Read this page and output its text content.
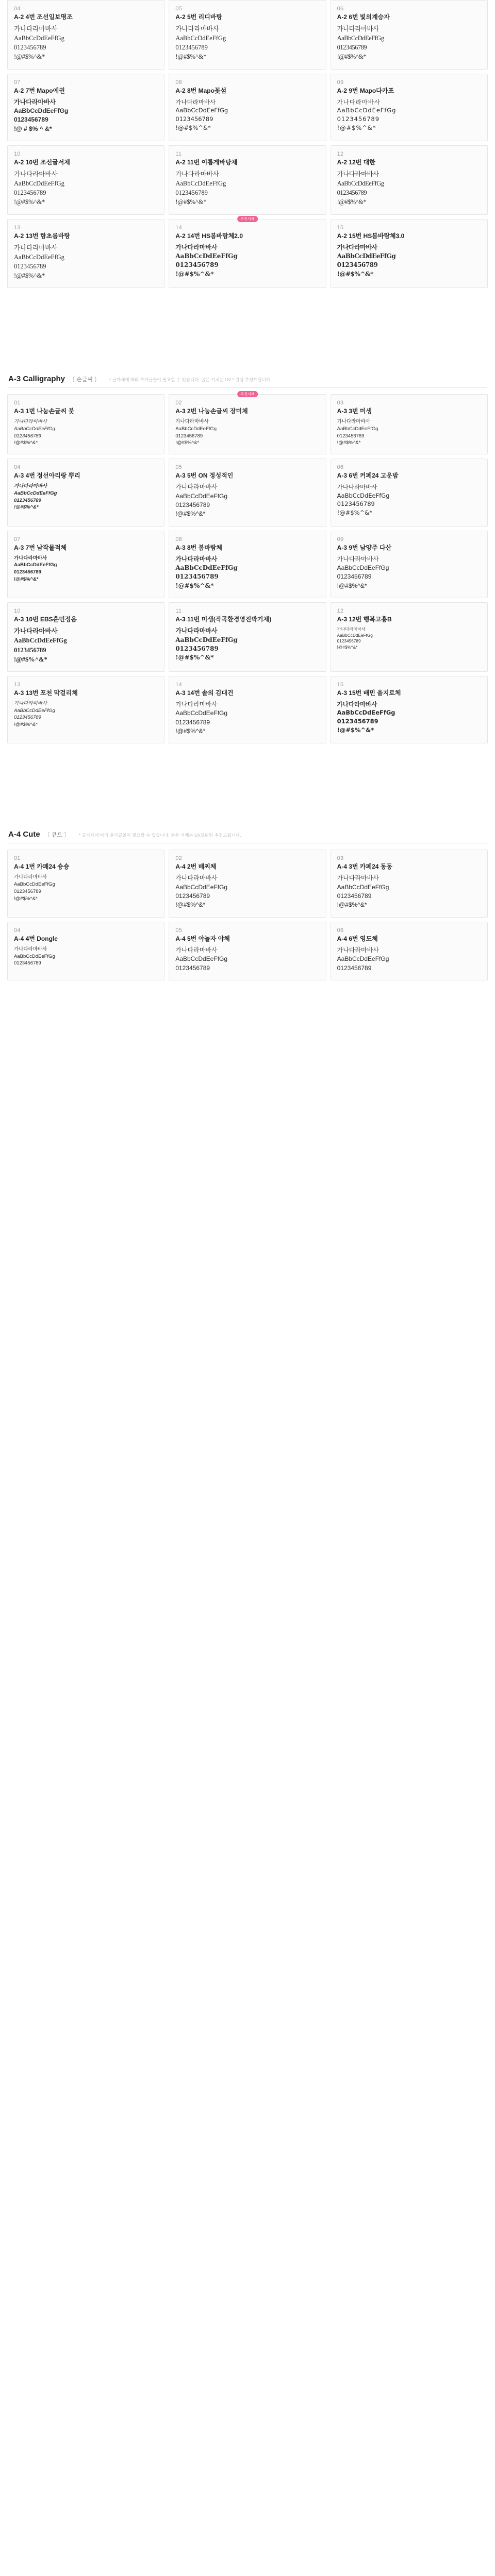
04
A-2 4번 조선일보명조
가나다라마바사
AaBbCcDdEeFfGg
0123456789
!@#$%^&*
05
A-2 5번 리디바탕
가나다라마바사
AaBbCcDdEeFfGg
0123456789
!@#$%^&*
06
A-2 6번 빛의계승자
가나다라마바사
AaBbCcDdEeFfGg
0123456789
!@#$%^&*
07
A-2 7번 Mapo에권
가나다라마바사
AaBbCcDdEeFfGg
0123456789
!@ # $% ^ &*
08
A-2 8번 Mapo꽃섬
가나다라마바사
AaBbCcDdEeFfGg
0123456789
!@#$%^&*
09
A-2 9번 Mapo다카포
가나다라마바사
AaBbCcDdEeFfGg
0123456789
!@#$%^&*
10
A-2 10번 조선굴서체
가나다라마바사
AaBbCcDdEeFfGg
0123456789
!@#$%^&*
11
A-2 11번 이롭게바탕체
가나다라마바사
AaBbCcDdEeFfGg
0123456789
!@#$%^&*
12
A-2 12번 대한
가나다라마바사
AaBbCcDdEeFfGg
0123456789
!@#$%^&*
13
A-2 13번 함초롬바탕
가나다라마바사
AaBbCcDdEeFfGg
0123456789
!@#$%^&*
추천서체
14
A-2 14번 HS봄바람체2.0
가나다라마바사
AaBbCcDdEeFfGg
0123456789
!@#$%^&*
15
A-2 15번 HS봄바람체3.0
가나다라마바사
AaBbCcDdEeFfGg
0123456789
!@#$%^&*
A-3 Calligraphy 〔 손글씨 〕 * 글자체에 따라 추가글꼴이 필요할 수 있습니다. 굵은 서체는 UV프린팅 추천드립니다.
01
A-3 1번 나눔손글씨 붓
가나다라마바사
AaBbCcDdEeFfGg
0123456789
!@#$%^&*
추천서체
02
A-3 2번 나눔손글씨 장미체
가나다라마바사
AaBbCcDdEeFfGg
0123456789
!@#$%^&*
03
A-3 3번 미생
가나다라마바사
AaBbCcDdEeFfGg
0123456789
!@#$%^&*
04
A-3 4번 정선아리랑 뿌리
가나다라마바사
AaBbCcDdEeFfGg
0123456789
!@#$%^&*
05
A-3 5번 ON 정성적인
가나다라마바사
AaBbCcDdEeFfGg
0123456789
!@#$%^&*
06
A-3 6번 커페24 고운밤
가나다라마바사
AaBbCcDdEeFfGg
0123456789
!@#$%^&*
07
A-3 7번 남작물적체
가나다라마바사
AaBbCcDdEeFfGg
0123456789
!@#$%^&*
08
A-3 8번 봄바람체
가나다라마바사
AaBbCcDdEeFfGg
0123456789
!@#$%^&*
09
A-3 9번 남양주 다산
가나다라마바사
AaBbCcDdEeFfGg
0123456789
!@#$%^&*
10
A-3 10번 EBS훈민정음
가나다라마바사
AaBbCcDdEeFfGg
0123456789
!@#$%^&*
11
A-3 11번 미생(작곡환경영진박기체)
가나다라마바사
AaBbCcDdEeFfGg
0123456789
!@#$%^&*
12
A-3 12번 행복고흥B
가나다라마바사
AaBbCcDdEeFfGg
0123456789
!@#$%^&*
13
A-3 13번 포천 막걸리체
가나다라마바사
AaBbCcDdEeFfGg
0123456789
!@#$%^&*
14
A-3 14번 솔의 김대건
가나다라마바사
AaBbCcDdEeFfGg
0123456789
!@#$%^&*
15
A-3 15번 배민 을지로체
가나다라마바사
AaBbCcDdEeFfGg
0123456789
!@#$%^&*
A-4 Cute 〔 큐트 〕 * 글자체에 따라 추가글꼴이 필요할 수 있습니다. 굵은 서체는 UV프린팅 추천드립니다.
01
A-4 1번 카페24 숑숑
가나다라마바사
AaBbCcDdEeFfGg
0123456789
!@#$%^&*
02
A-4 2번 배찌체
가나다라마바사
AaBbCcDdEeFfGg
0123456789
!@#$%^&*
03
A-4 3번 카페24 동동
가나다라마바사
AaBbCcDdEeFfGg
0123456789
!@#$%^&*
04
A-4 4번 Dongle
가나다라마바사
AaBbCcDdEeFfGg
0123456789
05
A-4 5번 야놀자 야체
가나다라마바사
AaBbCcDdEeFfGg
0123456789
06
A-4 6번 영도체
가나다라마바사
AaBbCcDdEeFfGg
0123456789
